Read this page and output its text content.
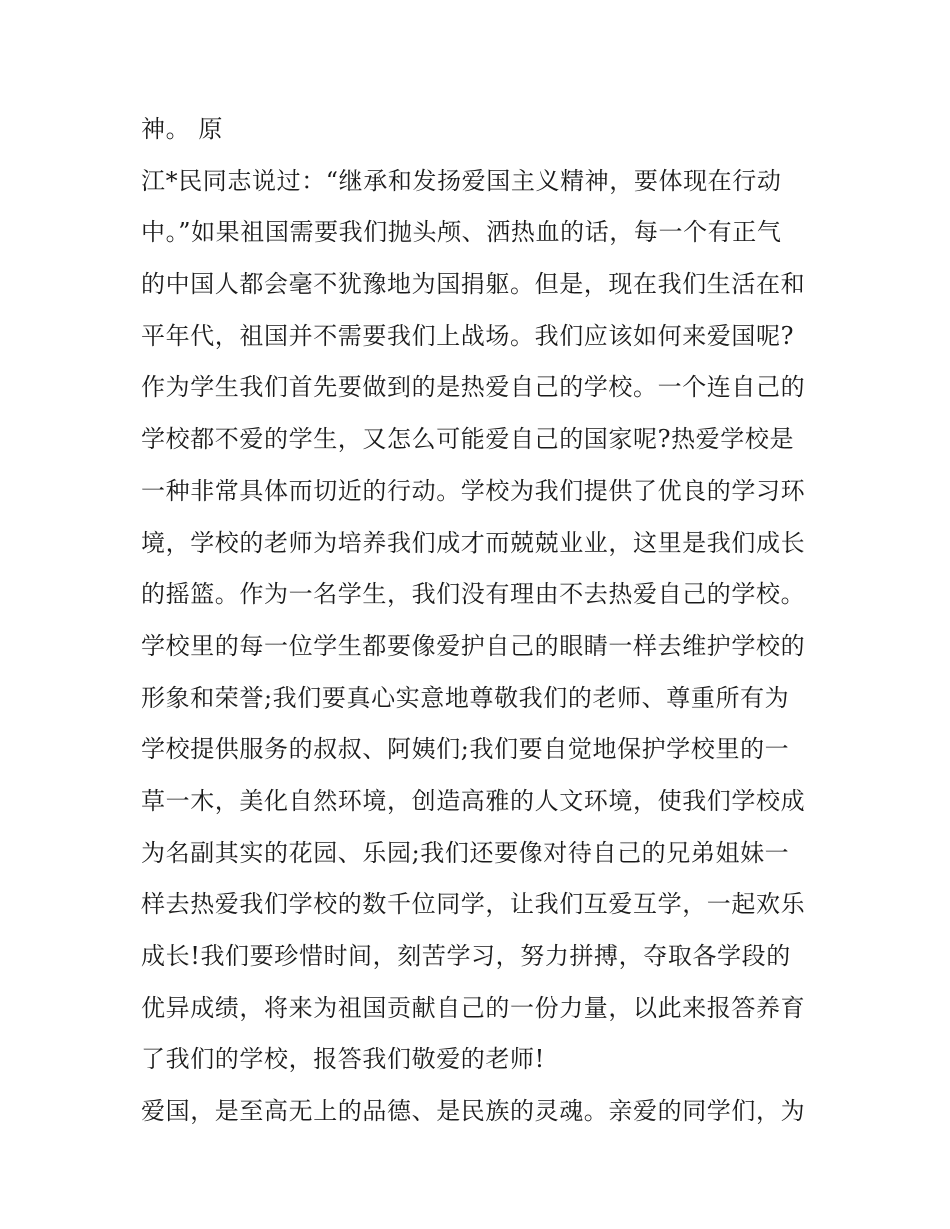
神。 原
江*民同志说过：“继承和发扬爱国主义精神，要体现在行动
中。”如果祖国需要我们抛头颅、洒热血的话，每一个有正气
的中国人都会毫不犹豫地为国捐躯。但是，现在我们生活在和
平年代，祖国并不需要我们上战场。我们应该如何来爱国呢?
作为学生我们首先要做到的是热爱自己的学校。一个连自己的
学校都不爱的学生，又怎么可能爱自己的国家呢?热爱学校是
一种非常具体而切近的行动。学校为我们提供了优良的学习环
境，学校的老师为培养我们成才而兢兢业业，这里是我们成长
的摇篮。作为一名学生，我们没有理由不去热爱自己的学校。
学校里的每一位学生都要像爱护自己的眼睛一样去维护学校的
形象和荣誉;我们要真心实意地尊敬我们的老师、尊重所有为
学校提供服务的叔叔、阿姨们;我们要自觉地保护学校里的一
草一木，美化自然环境，创造高雅的人文环境，使我们学校成
为名副其实的花园、乐园;我们还要像对待自己的兄弟姐妹一
样去热爱我们学校的数千位同学，让我们互爱互学，一起欢乐
成长!我们要珍惜时间，刻苦学习，努力拼搏，夺取各学段的
优异成绩，将来为祖国贡献自己的一份力量，以此来报答养育
了我们的学校，报答我们敬爱的老师!
爱国，是至高无上的品德、是民族的灵魂。亲爱的同学们，为
